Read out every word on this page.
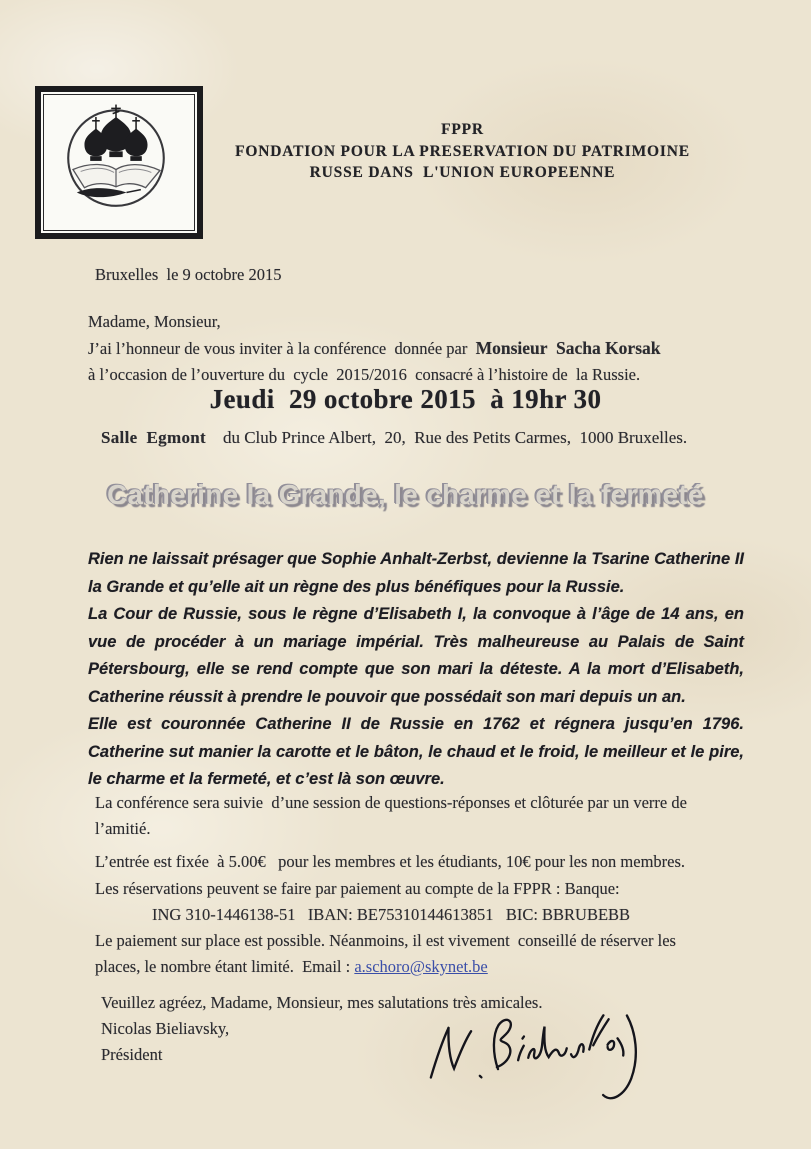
FPPR
FONDATION POUR LA PRESERVATION DU PATRIMOINE
RUSSE DANS  L'UNION EUROPEENNE
Bruxelles  le 9 octobre 2015
Madame, Monsieur,
J’ai l’honneur de vous inviter à la conférence  donnée par  Monsieur  Sacha Korsak
à l’occasion de l’ouverture du  cycle  2015/2016  consacré à l’histoire de  la Russie.
Jeudi  29 octobre 2015  à 19hr 30
Salle  Egmont    du Club Prince Albert,  20,  Rue des Petits Carmes,  1000 Bruxelles.
Catherine la Grande, le charme et la fermeté

Rien ne laissait présager que Sophie Anhalt-Zerbst, devienne la Tsarine Catherine II la Grande et qu’elle ait un règne des plus bénéfiques pour la Russie.

La Cour de Russie, sous le règne d’Elisabeth I, la convoque à l’âge de 14 ans, en vue de procéder à un mariage impérial. Très malheureuse au Palais de Saint Pétersbourg, elle se rend compte que son mari la déteste. A la mort d’Elisabeth, Catherine réussit à prendre le pouvoir que possédait son mari depuis un an.

Elle est couronnée Catherine II de Russie en 1762 et régnera jusqu’en 1796. Catherine sut manier la carotte et le bâton, le chaud et le froid, le meilleur et le pire, le charme et la fermeté, et c’est là son œuvre.

La conférence sera suivie  d’une session de questions-réponses et clôturée par un verre de
l’amitié.
L’entrée est fixée  à 5.00€   pour les membres et les étudiants, 10€ pour les non membres.
Les réservations peuvent se faire par paiement au compte de la FPPR : Banque:
ING 310-1446138-51   IBAN: BE75310144613851   BIC: BBRUBEBB
Le paiement sur place est possible. Néanmoins, il est vivement  conseillé de réserver les
places, le nombre étant limité.  Email : a.schoro@skynet.be
Veuillez agréez, Madame, Monsieur, mes salutations très amicales.
Nicolas Bieliavsky,
Président
